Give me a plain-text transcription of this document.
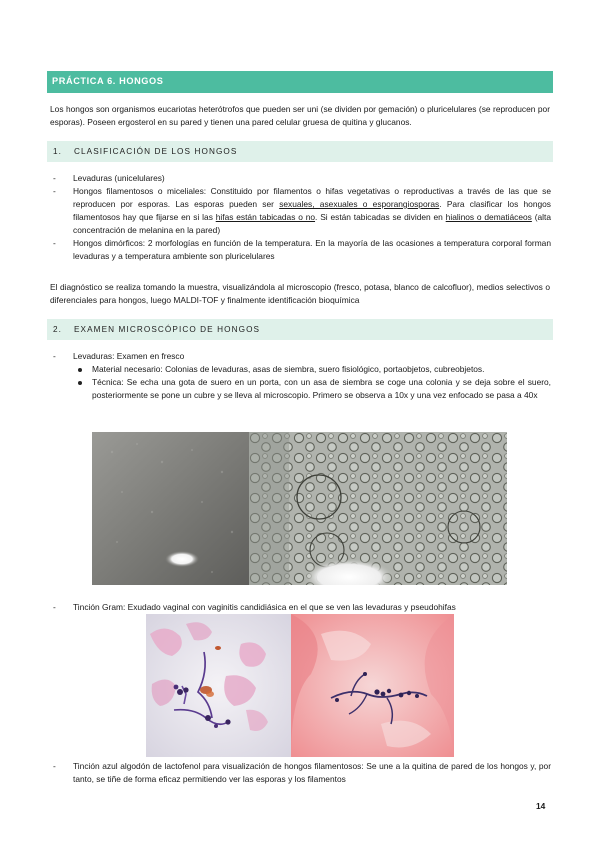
PRÁCTICA 6. HONGOS

Los hongos son organismos eucariotas heterótrofos que pueden ser uni (se dividen por gemación) o pluricelulares (se reproducen por esporas). Poseen ergosterol en su pared y tienen una pared celular gruesa de quitina y glucanos.

1. CLASIFICACIÓN DE LOS HONGOS
- Levaduras (unicelulares)
- Hongos filamentosos o miceliales: Constituido por filamentos o hifas vegetativas o reproductivas a través de las que se reproducen por esporas. Las esporas pueden ser sexuales, asexuales o esporangiosporas. Para clasificar los hongos filamentosos hay que fijarse en si las hifas están tabicadas o no. Si están tabicadas se dividen en hialinos o dematiáceos (alta concentración de melanina en la pared)
- Hongos dimórficos: 2 morfologías en función de la temperatura. En la mayoría de las ocasiones a temperatura corporal forman levaduras y a temperatura ambiente son pluricelulares

El diagnóstico se realiza tomando la muestra, visualizándola al microscopio (fresco, potasa, blanco de calcofluor), medios selectivos o diferenciales para hongos, luego MALDI-TOF y finalmente identificación bioquímica

2. EXAMEN MICROSCÓPICO DE HONGOS
- Levaduras: Examen en fresco
Material necesario: Colonias de levaduras, asas de siembra, suero fisiológico, portaobjetos, cubreobjetos.
Técnica: Se echa una gota de suero en un porta, con un asa de siembra se coge una colonia y se deja sobre el suero, posteriormente se pone un cubre y se lleva al microscopio. Primero se observa a 10x y una vez enfocado se pasa a 40x
- Tinción Gram: Exudado vaginal con vaginitis candidiásica en el que se ven las levaduras y pseudohifas
- Tinción azul algodón de lactofenol para visualización de hongos filamentosos: Se une a la quitina de pared de los hongos y, por tanto, se tiñe de forma eficaz permitiendo ver las esporas y los filamentos
14
